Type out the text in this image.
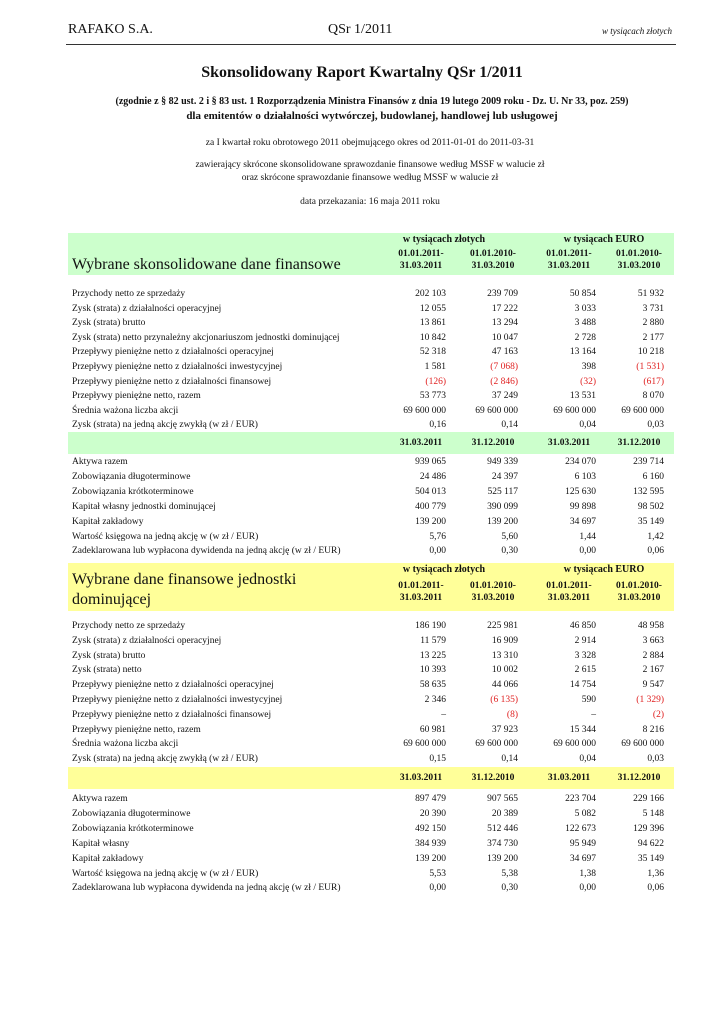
RAFAKO S.A.	QSr 1/2011	w tysiącach złotych
Skonsolidowany Raport Kwartalny QSr 1/2011
(zgodnie z § 82 ust. 2 i § 83 ust. 1 Rozporządzenia Ministra Finansów z dnia 19 lutego 2009 roku - Dz. U. Nr 33, poz. 259)
dla emitentów o działalności wytwórczej, budowlanej, handlowej lub usługowej
za I kwartał roku obrotowego 2011 obejmującego okres od 2011-01-01 do 2011-03-31
zawierający skrócone skonsolidowane sprawozdanie finansowe według MSSF w walucie zł
oraz skrócone sprawozdanie finansowe według MSSF w walucie zł
data przekazania: 16 maja 2011 roku
w tysiącach złotych	w tysiącach EURO
01.01.2011-
31.03.2011
01.01.2010-
31.03.2010
01.01.2011-
31.03.2011
01.01.2010-
31.03.2010
Wybrane skonsolidowane dane finansowe
Przychody netto ze sprzedaży	202 103	239 709	50 854	51 932
Zysk (strata) z działalności operacyjnej	12 055	17 222	3 033	3 731
Zysk (strata) brutto	13 861	13 294	3 488	2 880
Zysk (strata) netto przynależny akcjonariuszom jednostki dominującej	10 842	10 047	2 728	2 177
Przepływy pieniężne netto z działalności operacyjnej	52 318	47 163	13 164	10 218
Przepływy pieniężne netto z działalności inwestycyjnej	1 581	(7 068)	398	(1 531)
Przepływy pieniężne netto z działalności finansowej	(126)	(2 846)	(32)	(617)
Przepływy pieniężne netto, razem	53 773	37 249	13 531	8 070
Średnia ważona liczba akcji	69 600 000	69 600 000	69 600 000	69 600 000
Zysk (strata) na jedną akcję zwykłą (w zł / EUR)	0,16	0,14	0,04	0,03
31.03.2011	31.12.2010	31.03.2011	31.12.2010
Aktywa razem	939 065	949 339	234 070	239 714
Zobowiązania długoterminowe	24 486	24 397	6 103	6 160
Zobowiązania krótkoterminowe	504 013	525 117	125 630	132 595
Kapitał własny jednostki dominującej	400 779	390 099	99 898	98 502
Kapitał zakładowy	139 200	139 200	34 697	35 149
Wartość księgowa na jedną akcję w (w zł / EUR)	5,76	5,60	1,44	1,42
Zadeklarowana lub wypłacona dywidenda na jedną akcję (w zł / EUR)	0,00	0,30	0,00	0,06
w tysiącach złotych	w tysiącach EURO
01.01.2011-
31.03.2011
01.01.2010-
31.03.2010
01.01.2011-
31.03.2011
01.01.2010-
31.03.2010
Wybrane dane finansowe jednostki
dominującej
Przychody netto ze sprzedaży	186 190	225 981	46 850	48 958
Zysk (strata) z działalności operacyjnej	11 579	16 909	2 914	3 663
Zysk (strata) brutto	13 225	13 310	3 328	2 884
Zysk (strata) netto	10 393	10 002	2 615	2 167
Przepływy pieniężne netto z działalności operacyjnej	58 635	44 066	14 754	9 547
Przepływy pieniężne netto z działalności inwestycyjnej	2 346	(6 135)	590	(1 329)
Przepływy pieniężne netto z działalności finansowej	–	(8)	–	(2)
Przepływy pieniężne netto, razem	60 981	37 923	15 344	8 216
Średnia ważona liczba akcji	69 600 000	69 600 000	69 600 000	69 600 000
Zysk (strata) na jedną akcję zwykłą (w zł / EUR)	0,15	0,14	0,04	0,03
31.03.2011	31.12.2010	31.03.2011	31.12.2010
Aktywa razem	897 479	907 565	223 704	229 166
Zobowiązania długoterminowe	20 390	20 389	5 082	5 148
Zobowiązania krótkoterminowe	492 150	512 446	122 673	129 396
Kapitał własny	384 939	374 730	95 949	94 622
Kapitał zakładowy	139 200	139 200	34 697	35 149
Wartość księgowa na jedną akcję w (w zł / EUR)	5,53	5,38	1,38	1,36
Zadeklarowana lub wypłacona dywidenda na jedną akcję (w zł / EUR)	0,00	0,30	0,00	0,06
